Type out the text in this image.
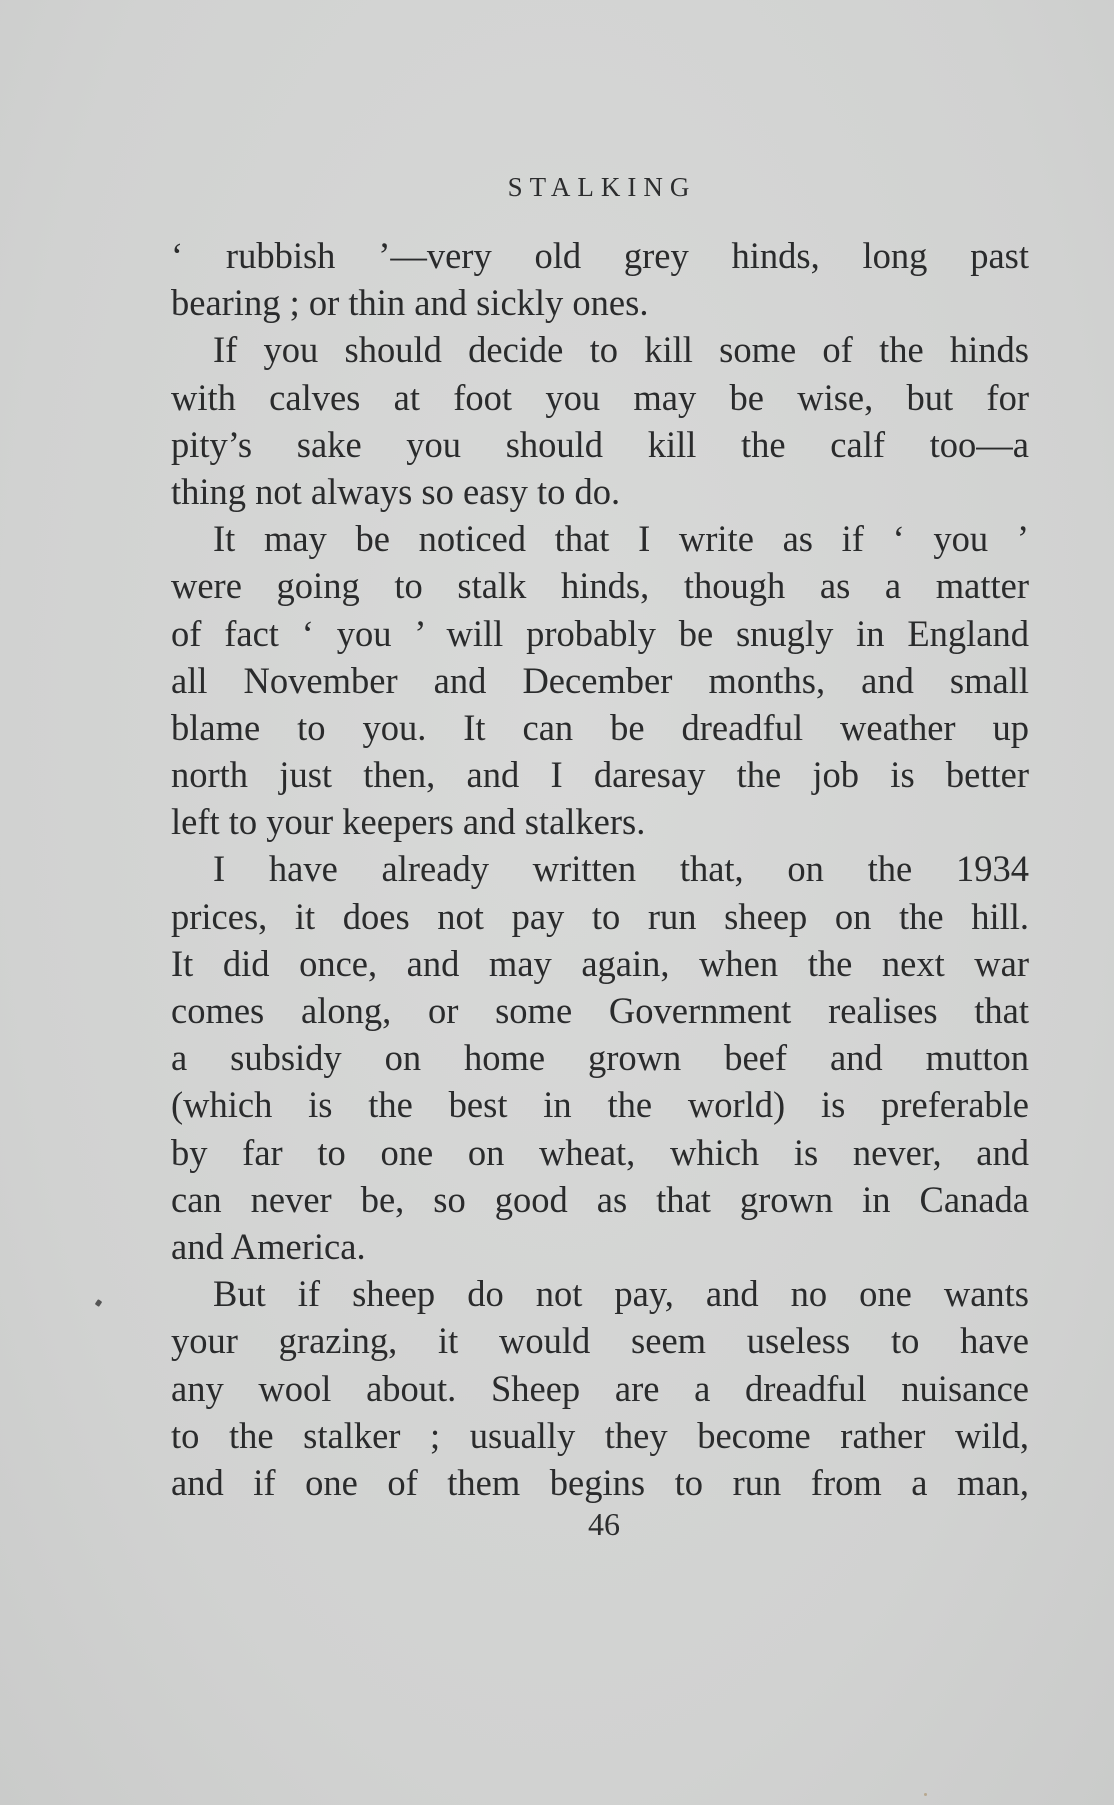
STALKING
‘ rubbish ’—very old grey hinds, long past
bearing ; or thin and sickly ones.
If you should decide to kill some of the hinds
with calves at foot you may be wise, but for
pity’s sake you should kill the calf too—a
thing not always so easy to do.
It may be noticed that I write as if ‘ you ’
were going to stalk hinds, though as a matter
of fact ‘ you ’ will probably be snugly in England
all November and December months, and small
blame to you. It can be dreadful weather up
north just then, and I daresay the job is better
left to your keepers and stalkers.
I have already written that, on the 1934
prices, it does not pay to run sheep on the hill.
It did once, and may again, when the next war
comes along, or some Government realises that
a subsidy on home grown beef and mutton
(which is the best in the world) is preferable
by far to one on wheat, which is never, and
can never be, so good as that grown in Canada
and America.
But if sheep do not pay, and no one wants
your grazing, it would seem useless to have
any wool about. Sheep are a dreadful nuisance
to the stalker ; usually they become rather wild,
and if one of them begins to run from a man,
46
